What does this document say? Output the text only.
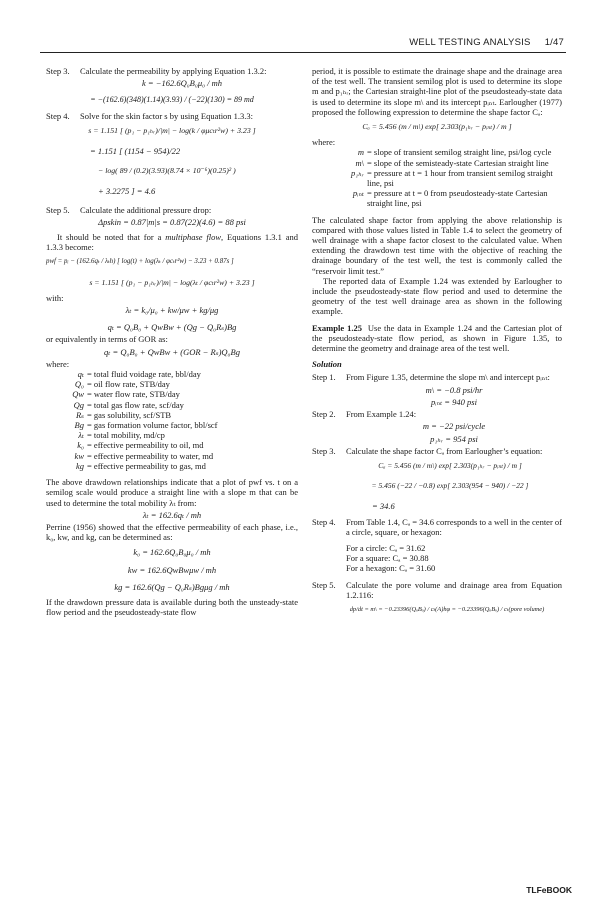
WELL TESTING ANALYSIS 1/47
Step 3.	Calculate the permeability by applying Equation 1.3.2:

k = −162.6Q₀B₀μ₀ / mh

= −(162.6)(348)(1.14)(3.93) / (−22)(130) = 89 md

Step 4.	Solve for the skin factor s by using Equation 1.3.3:

s = 1.151 [ (p₁ − p₁ₕᵣ)/|m| − log(k / φμcₜr²w) + 3.23 ]

= 1.151 [ (1154 − 954)/22

− log( 89 / (0.2)(3.93)(8.74 × 10⁻⁶)(0.25)² )

+ 3.2275 ] = 4.6

Step 5.	Calculate the additional pressure drop:

Δpskin = 0.87|m|s = 0.87(22)(4.6) = 88 psi

It should be noted that for a multiphase flow, Equations 1.3.1 and 1.3.3 become:

pwf = pᵢ − (162.6qₜ / λₜh) [ log(t) + log(λₜ / φcₜr²w) − 3.23 + 0.87s ]

s = 1.151 [ (p₁ − p₁ₕᵣ)/|m| − log(λₜ / φcₜr²w) + 3.23 ]

with:

λₜ = k₀/μ₀ + kw/μw + kg/μg

qₜ = Q₀B₀ + QwBw + (Qg − Q₀Rₛ)Bg

or equivalently in terms of GOR as:

qₜ = Q₀B₀ + QwBw + (GOR − Rₛ)Q₀Bg

where:

qₜ = total fluid voidage rate, bbl/day
Q₀ = oil flow rate, STB/day
Qw = water flow rate, STB/day
Qg = total gas flow rate, scf/day
Rₛ = gas solubility, scf/STB
Bg = gas formation volume factor, bbl/scf
λₜ = total mobility, md/cp
k₀ = effective permeability to oil, md
kw = effective permeability to water, md
kg = effective permeability to gas, md

The above drawdown relationships indicate that a plot of pwf vs. t on a semilog scale would produce a straight line with a slope m that can be used to determine the total mobility λₜ from:

λₜ = 162.6qₜ / mh

Perrine (1956) showed that the effective permeability of each phase, i.e., k₀, kw, and kg, can be determined as:

k₀ = 162.6Q₀B₀μ₀ / mh

kw = 162.6QwBwμw / mh

kg = 162.6(Qg − Q₀Rₛ)Bgμg / mh

If the drawdown pressure data is available during both the unsteady-state flow period and the pseudosteady-state flow

period, it is possible to estimate the drainage shape and the drainage area of the test well. The transient semilog plot is used to determine its slope m and p₁ₕᵣ; the Cartesian straight-line plot of the pseudosteady-state data is used to determine its slope m\ and its intercept pᵢₙₜ. Earlougher (1977) proposed the following expression to determine the shape factor Cₐ:

Cₐ = 5.456 (m / m\) exp[ 2.303(p₁ₕᵣ − pᵢₙₜ) / m ]

where:

m = slope of transient semilog straight line, psi/log cycle
m\ = slope of the semisteady-state Cartesian straight line
p₁ₕᵣ = pressure at t = 1 hour from transient semilog straight line, psi
pᵢₙₜ = pressure at t = 0 from pseudosteady-state Cartesian straight line, psi

The calculated shape factor from applying the above relationship is compared with those values listed in Table 1.4 to select the geometry of well drainage with a shape factor closest to the calculated value. When extending the drawdown test time with the objective of reaching the drainage boundary of the test well, the test is commonly called the “reservoir limit test.”

The reported data of Example 1.24 was extended by Earlougher to include the pseudosteady-state flow period and used to determine the geometry of the test well drainage area as shown in the following example.

Example 1.25 Use the data in Example 1.24 and the Cartesian plot of the pseudosteady-state flow period, as shown in Figure 1.35, to determine the geometry and drainage area of the test well.

Solution

Step 1.	From Figure 1.35, determine the slope m\ and intercept pᵢₙₜ:

m\ = −0.8 psi/hr

pᵢₙₜ = 940 psi

Step 2.	From Example 1.24:

m = −22 psi/cycle

p₁ₕᵣ = 954 psi

Step 3.	Calculate the shape factor Cₐ from Earlougher’s equation:

Cₐ = 5.456 (m / m\) exp[ 2.303(p₁ₕᵣ − pᵢₙₜ) / m ]

= 5.456 (−22 / −0.8) exp[ 2.303(954 − 940) / −22 ]

= 34.6

Step 4.	From Table 1.4, Cₐ = 34.6 corresponds to a well in the center of a circle, square, or hexagon:

For a circle: Cₐ = 31.62

For a square: Cₐ = 30.88

For a hexagon: Cₐ = 31.60

Step 5.	Calculate the pore volume and drainage area from Equation 1.2.116:

dp/dt = m\ = −0.23396(QₒBₒ) / cₜ(A)hφ = −0.23396(QₒBₒ) / cₜ(pore volume)

TLFeBOOK
